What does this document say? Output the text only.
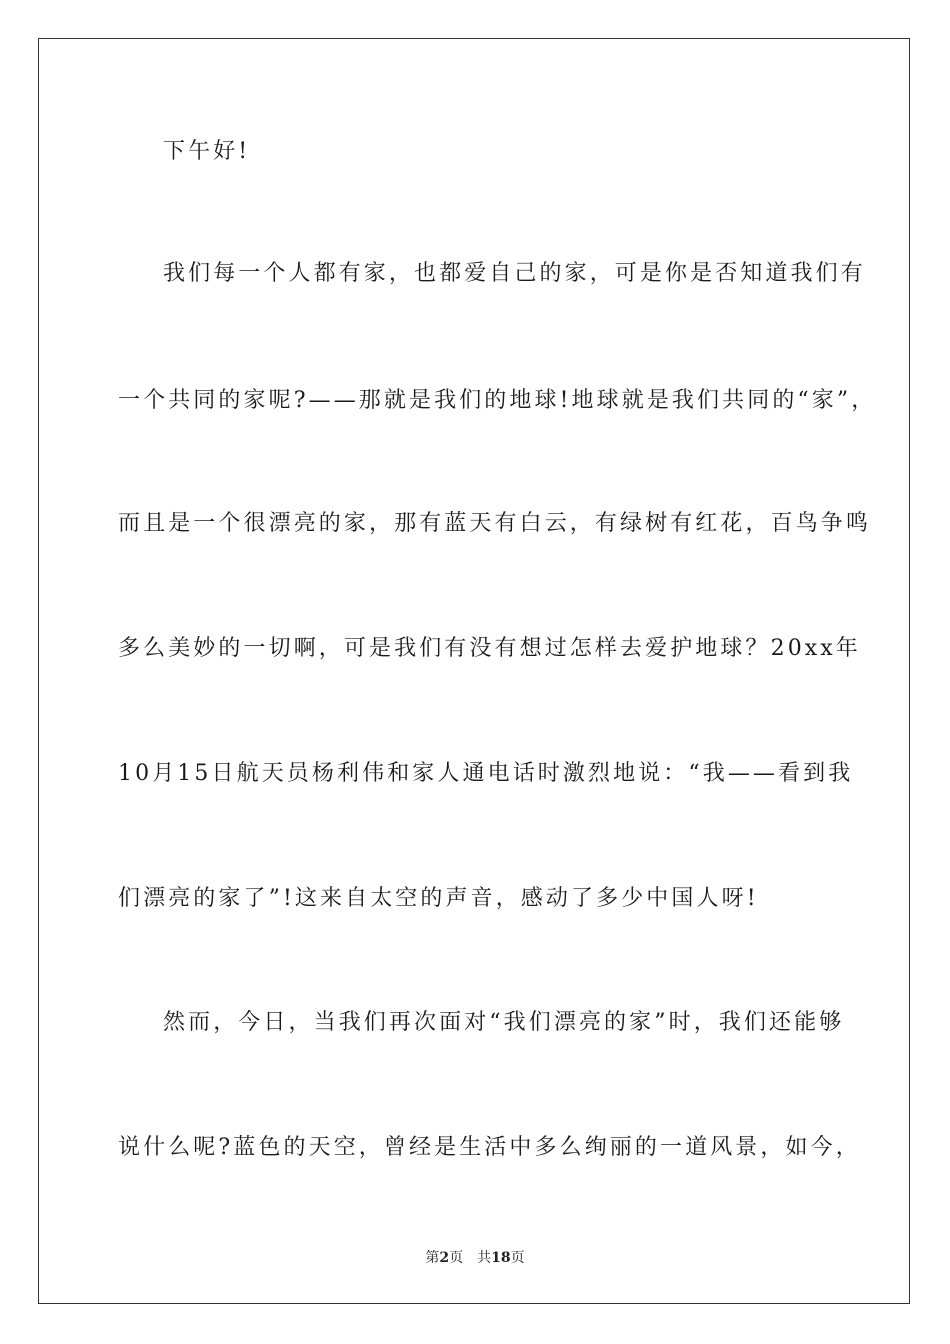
下午好!
我们每一个人都有家，也都爱自己的家，可是你是否知道我们有
一个共同的家呢?——那就是我们的地球!地球就是我们共同的“家”，
而且是一个很漂亮的家，那有蓝天有白云，有绿树有红花，百鸟争鸣
多么美妙的一切啊，可是我们有没有想过怎样去爱护地球？20xx年
10月15日航天员杨利伟和家人通电话时激烈地说：“我——看到我
们漂亮的家了”!这来自太空的声音，感动了多少中国人呀!
然而，今日，当我们再次面对“我们漂亮的家”时，我们还能够
说什么呢?蓝色的天空，曾经是生活中多么绚丽的一道风景，如今，
第2页 共18页
